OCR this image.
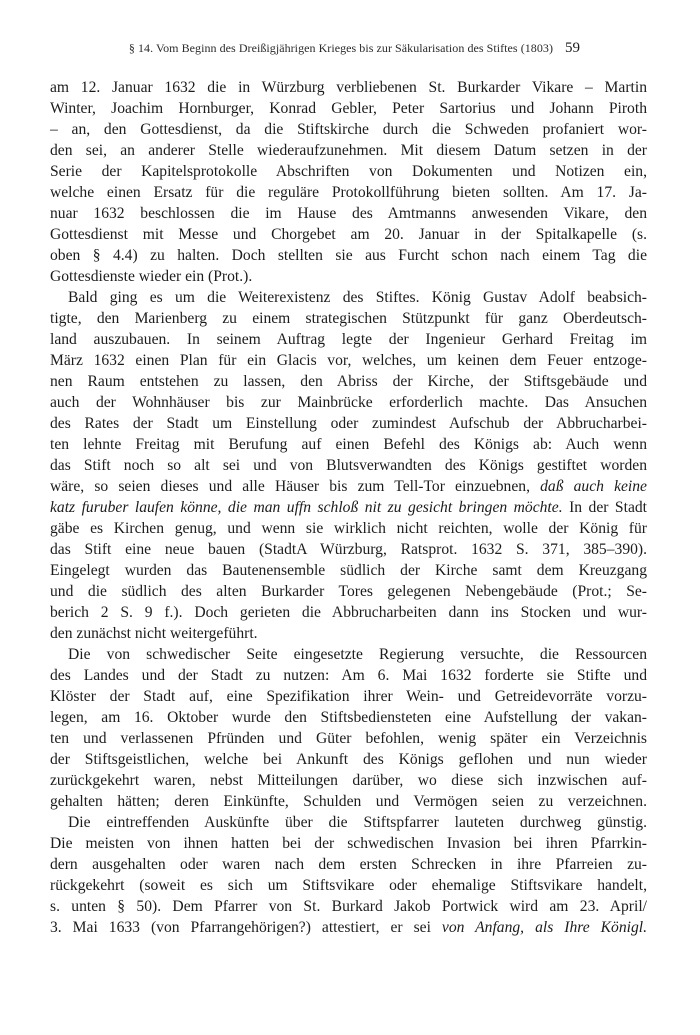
§ 14. Vom Beginn des Dreißigjährigen Krieges bis zur Säkularisation des Stiftes (1803) 59
am 12. Januar 1632 die in Würzburg verbliebenen St. Burkarder Vikare – Martin
Winter, Joachim Hornburger, Konrad Gebler, Peter Sartorius und Johann Piroth
– an, den Gottesdienst, da die Stiftskirche durch die Schweden profaniert wor-
den sei, an anderer Stelle wiederaufzunehmen. Mit diesem Datum setzen in der
Serie der Kapitelsprotokolle Abschriften von Dokumenten und Notizen ein,
welche einen Ersatz für die reguläre Protokollführung bieten sollten. Am 17. Ja-
nuar 1632 beschlossen die im Hause des Amtmanns anwesenden Vikare, den
Gottesdienst mit Messe und Chorgebet am 20. Januar in der Spitalkapelle (s.
oben § 4.4) zu halten. Doch stellten sie aus Furcht schon nach einem Tag die
Gottesdienste wieder ein (Prot.).
Bald ging es um die Weiterexistenz des Stiftes. König Gustav Adolf beabsich-
tigte, den Marienberg zu einem strategischen Stützpunkt für ganz Oberdeutsch-
land auszubauen. In seinem Auftrag legte der Ingenieur Gerhard Freitag im
März 1632 einen Plan für ein Glacis vor, welches, um keinen dem Feuer entzoge-
nen Raum entstehen zu lassen, den Abriss der Kirche, der Stiftsgebäude und
auch der Wohnhäuser bis zur Mainbrücke erforderlich machte. Das Ansuchen
des Rates der Stadt um Einstellung oder zumindest Aufschub der Abbrucharbei-
ten lehnte Freitag mit Berufung auf einen Befehl des Königs ab: Auch wenn
das Stift noch so alt sei und von Blutsverwandten des Königs gestiftet worden
wäre, so seien dieses und alle Häuser bis zum Tell-Tor einzuebnen, daß auch keine
katz furuber laufen könne, die man uffn schloß nit zu gesicht bringen möchte. In der Stadt
gäbe es Kirchen genug, und wenn sie wirklich nicht reichten, wolle der König für
das Stift eine neue bauen (StadtA Würzburg, Ratsprot. 1632 S. 371, 385–390).
Eingelegt wurden das Bautenensemble südlich der Kirche samt dem Kreuzgang
und die südlich des alten Burkarder Tores gelegenen Nebengebäude (Prot.; Se-
berich 2 S. 9 f.). Doch gerieten die Abbrucharbeiten dann ins Stocken und wur-
den zunächst nicht weitergeführt.
Die von schwedischer Seite eingesetzte Regierung versuchte, die Ressourcen
des Landes und der Stadt zu nutzen: Am 6. Mai 1632 forderte sie Stifte und
Klöster der Stadt auf, eine Spezifikation ihrer Wein- und Getreidevorräte vorzu-
legen, am 16. Oktober wurde den Stiftsbediensteten eine Aufstellung der vakan-
ten und verlassenen Pfründen und Güter befohlen, wenig später ein Verzeichnis
der Stiftsgeistlichen, welche bei Ankunft des Königs geflohen und nun wieder
zurückgekehrt waren, nebst Mitteilungen darüber, wo diese sich inzwischen auf-
gehalten hätten; deren Einkünfte, Schulden und Vermögen seien zu verzeichnen.
Die eintreffenden Auskünfte über die Stiftspfarrer lauteten durchweg günstig.
Die meisten von ihnen hatten bei der schwedischen Invasion bei ihren Pfarrkin-
dern ausgehalten oder waren nach dem ersten Schrecken in ihre Pfarreien zu-
rückgekehrt (soweit es sich um Stiftsvikare oder ehemalige Stiftsvikare handelt,
s. unten § 50). Dem Pfarrer von St. Burkard Jakob Portwick wird am 23. April/
3. Mai 1633 (von Pfarrangehörigen?) attestiert, er sei von Anfang, als Ihre Königl.
